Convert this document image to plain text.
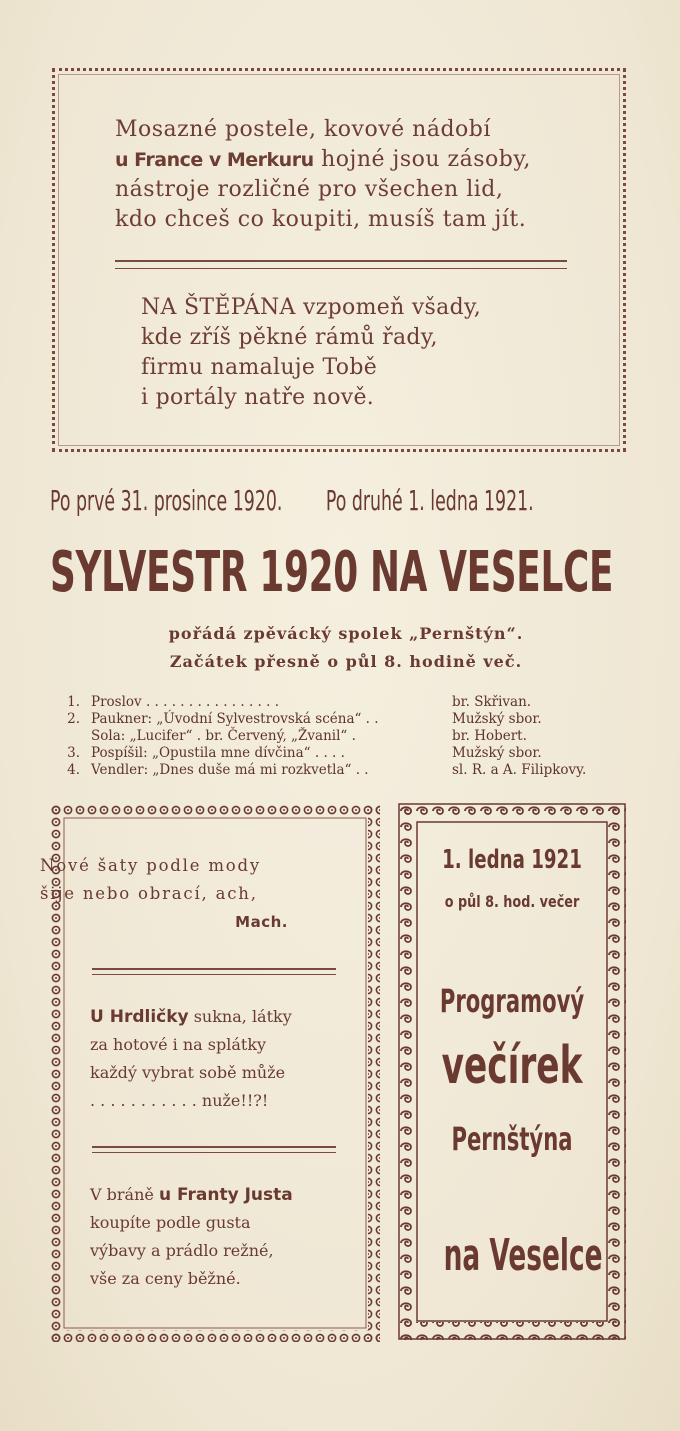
Mosazné postele, kovové nádobí
u France v Merkuru hojné jsou zásoby,
nástroje rozličné pro všechen lid,
kdo chceš co koupiti, musíš tam jít.
NA ŠTĚPÁNA vzpomeň všady,
kde zříš pěkné rámů řady,
firmu namaluje Tobě
i portály natře nově.
Po prvé 31. prosince 1920. Po druhé 1. ledna 1921.
SYLVESTR 1920 NA VESELCE
pořádá zpěvácký spolek „Pernštýn“.
Začátek přesně o půl 8. hodině več.
1. Proslov . . . . . . . . . . . . . . . .	br. Skřivan.
2. Paukner: „Úvodní Sylvestrovská scéna“ . .	Mužský sbor.
Sola: „Lucifer“ . br. Červený, „Žvanil“ .	br. Hobert.
3. Pospíšil: „Opustila mne dívčina“ . . . .	Mužský sbor.
4. Vendler: „Dnes duše má mi rozkvetla“ . .	sl. R. a A. Filipkovy.
Nové šaty podle mody
šije nebo obrací, ach,
Mach.
U Hrdličky sukna, látky
za hotové i na splátky
každý vybrat sobě může
. . . . . . . . . . . nuže!!?!
V bráně u Franty Justa
koupíte podle gusta
výbavy a prádlo režné,
vše za ceny běžné.
1. ledna 1921
o půl 8. hod. večer
Programový
večírek
Pernštýna
na Veselce
